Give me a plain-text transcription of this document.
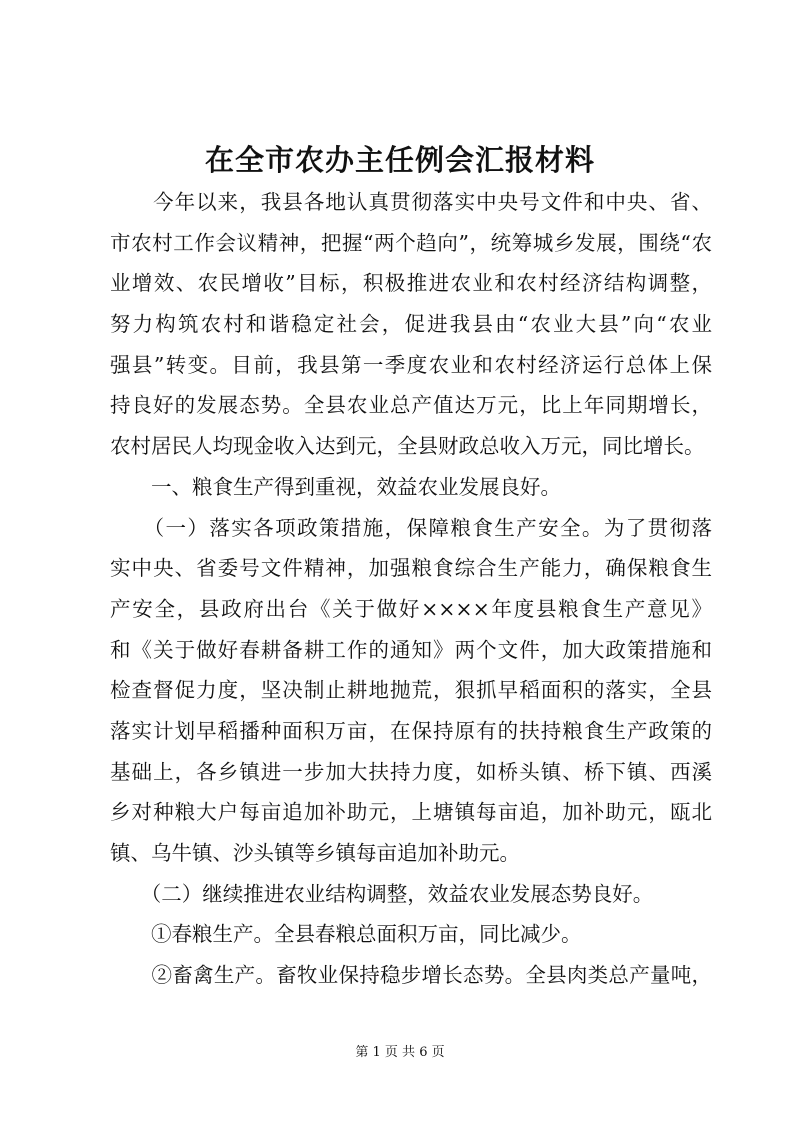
在全市农办主任例会汇报材料
　　今年以来，我县各地认真贯彻落实中央号文件和中央、省、
市农村工作会议精神，把握“两个趋向”，统筹城乡发展，围绕“农
业增效、农民增收”目标，积极推进农业和农村经济结构调整，
努力构筑农村和谐稳定社会，促进我县由“农业大县”向“农业
强县”转变。目前，我县第一季度农业和农村经济运行总体上保
持良好的发展态势。全县农业总产值达万元，比上年同期增长，
农村居民人均现金收入达到元，全县财政总收入万元，同比增长。
　　一、粮食生产得到重视，效益农业发展良好。
　　（一）落实各项政策措施，保障粮食生产安全。为了贯彻落
实中央、省委号文件精神，加强粮食综合生产能力，确保粮食生
产安全，县政府出台《关于做好××××年度县粮食生产意见》
和《关于做好春耕备耕工作的通知》两个文件，加大政策措施和
检查督促力度，坚决制止耕地抛荒，狠抓早稻面积的落实，全县
落实计划早稻播种面积万亩，在保持原有的扶持粮食生产政策的
基础上，各乡镇进一步加大扶持力度，如桥头镇、桥下镇、西溪
乡对种粮大户每亩追加补助元，上塘镇每亩追，加补助元，瓯北
镇、乌牛镇、沙头镇等乡镇每亩追加补助元。
　　（二）继续推进农业结构调整，效益农业发展态势良好。
　　①春粮生产。全县春粮总面积万亩，同比减少。
　　②畜禽生产。畜牧业保持稳步增长态势。全县肉类总产量吨，
第 1 页 共 6 页
